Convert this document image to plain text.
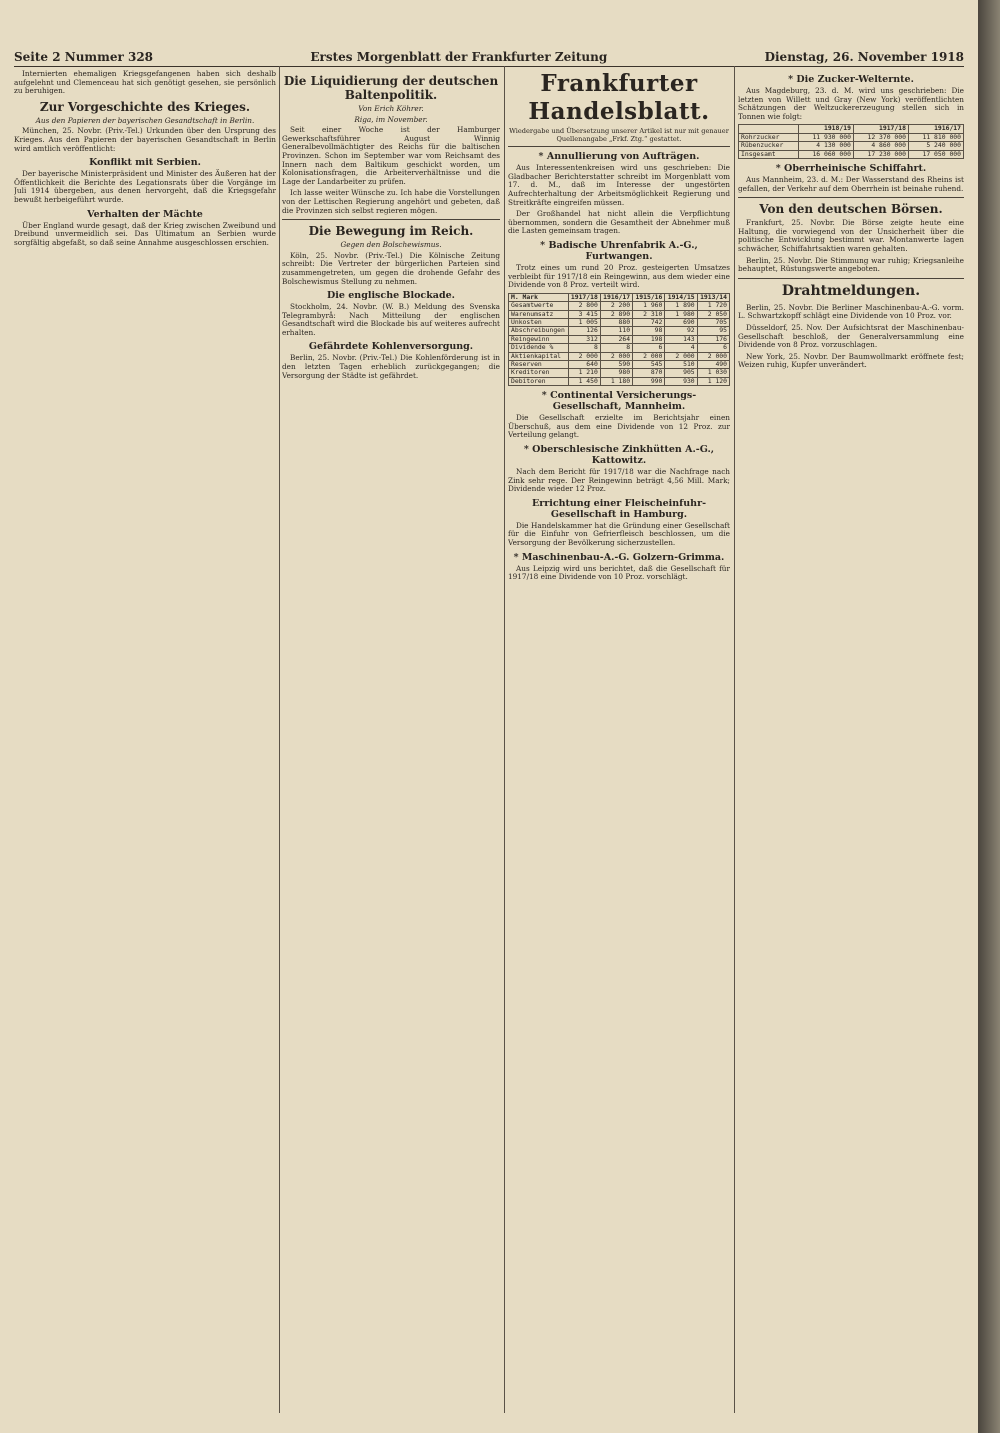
Seite 2 Nummer 328	Erstes Morgenblatt der Frankfurter Zeitung	Dienstag, 26. November 1918

Internierten ehemaligen Kriegsgefangenen haben sich deshalb aufgelehnt und Clemenceau hat sich genötigt gesehen, sie persönlich zu beruhigen.

Zur Vorgeschichte des Krieges.
Aus den Papieren der bayerischen Gesandtschaft in Berlin.

München, 25. Novbr. (Priv.-Tel.) Urkunden über den Ursprung des Krieges. Aus den Papieren der bayerischen Gesandtschaft in Berlin wird amtlich veröffentlicht:

Konflikt mit Serbien.

Der bayerische Ministerpräsident und Minister des Äußeren hat der Öffentlichkeit die Berichte des Legationsrats über die Vorgänge im Juli 1914 übergeben, aus denen hervorgeht, daß die Kriegsgefahr bewußt herbeigeführt wurde.

Verhalten der Mächte

Über England wurde gesagt, daß der Krieg zwischen Zweibund und Dreibund unvermeidlich sei. Das Ultimatum an Serbien wurde sorgfältig abgefaßt, so daß seine Annahme ausgeschlossen erschien.

Die Liquidierung der deutschen Baltenpolitik.
Von Erich Köhrer.
Riga, im November.

Seit einer Woche ist der Hamburger Gewerkschaftsführer August Winnig Generalbevollmächtigter des Reichs für die baltischen Provinzen. Schon im September war vom Reichsamt des Innern nach dem Baltikum geschickt worden, um Kolonisationsfragen, die Arbeiterverhältnisse und die Lage der Landarbeiter zu prüfen.

Ich lasse weiter Wünsche zu. Ich habe die Vorstellungen von der Lettischen Regierung angehört und gebeten, daß die Provinzen sich selbst regieren mögen.

Die Bewegung im Reich.
Gegen den Bolschewismus.

Köln, 25. Novbr. (Priv.-Tel.) Die Kölnische Zeitung schreibt: Die Vertreter der bürgerlichen Parteien sind zusammengetreten, um gegen die drohende Gefahr des Bolschewismus Stellung zu nehmen.

Die englische Blockade.

Stockholm, 24. Novbr. (W. B.) Meldung des Svenska Telegrambyrå: Nach Mitteilung der englischen Gesandtschaft wird die Blockade bis auf weiteres aufrecht erhalten.

Gefährdete Kohlenversorgung.

Berlin, 25. Novbr. (Priv.-Tel.) Die Kohlenförderung ist in den letzten Tagen erheblich zurückgegangen; die Versorgung der Städte ist gefährdet.

Frankfurter Handelsblatt.
Wiedergabe und Übersetzung unserer Artikel ist nur mit genauer Quellenangabe „Frkf. Ztg.“ gestattet.
* Annullierung von Aufträgen.

Aus Interessentenkreisen wird uns geschrieben: Die Gladbacher Berichterstatter schreibt im Morgenblatt vom 17. d. M., daß im Interesse der ungestörten Aufrechterhaltung der Arbeitsmöglichkeit Regierung und Streitkräfte eingreifen müssen.

Der Großhandel hat nicht allein die Verpflichtung übernommen, sondern die Gesamtheit der Abnehmer muß die Lasten gemeinsam tragen.

* Badische Uhrenfabrik A.-G., Furtwangen.

Trotz eines um rund 20 Proz. gesteigerten Umsatzes verbleibt für 1917/18 ein Reingewinn, aus dem wieder eine Dividende von 8 Proz. verteilt wird.

M. Mark	1917/18	1916/17	1915/16	1914/15	1913/14
Gesamtwerte	2 800	2 200	1 960	1 890	1 720
Warenumsatz	3 415	2 890	2 310	1 980	2 050
Unkosten	1 005	880	742	690	705
Abschreibungen	126	110	98	92	95
Reingewinn	312	264	198	143	176
Dividende %	8	8	6	4	6
Aktienkapital	2 000	2 000	2 000	2 000	2 000
Reserven	640	590	545	510	490
Kreditoren	1 210	980	870	905	1 030
Debitoren	1 450	1 180	990	930	1 120
* Continental Versicherungs-Gesellschaft, Mannheim.

Die Gesellschaft erzielte im Berichtsjahr einen Überschuß, aus dem eine Dividende von 12 Proz. zur Verteilung gelangt.

* Oberschlesische Zinkhütten A.-G., Kattowitz.

Nach dem Bericht für 1917/18 war die Nachfrage nach Zink sehr rege. Der Reingewinn beträgt 4,56 Mill. Mark; Dividende wieder 12 Proz.

Errichtung einer Fleischeinfuhr-Gesellschaft in Hamburg.

Die Handelskammer hat die Gründung einer Gesellschaft für die Einfuhr von Gefrierfleisch beschlossen, um die Versorgung der Bevölkerung sicherzustellen.

* Maschinenbau-A.-G. Golzern-Grimma.

Aus Leipzig wird uns berichtet, daß die Gesellschaft für 1917/18 eine Dividende von 10 Proz. vorschlägt.

* Die Zucker-Welternte.

Aus Magdeburg, 23. d. M. wird uns geschrieben: Die letzten von Willett und Gray (New York) veröffentlichten Schätzungen der Weltzuckererzeugung stellen sich in Tonnen wie folgt:

	1918/19	1917/18	1916/17
Rohrzucker	11 930 000	12 370 000	11 810 000
Rübenzucker	4 130 000	4 860 000	5 240 000
Insgesamt	16 060 000	17 230 000	17 050 000
* Oberrheinische Schiffahrt.

Aus Mannheim, 23. d. M.: Der Wasserstand des Rheins ist gefallen, der Verkehr auf dem Oberrhein ist beinahe ruhend.

Von den deutschen Börsen.

Frankfurt, 25. Novbr. Die Börse zeigte heute eine Haltung, die vorwiegend von der Unsicherheit über die politische Entwicklung bestimmt war. Montanwerte lagen schwächer, Schiffahrtsaktien waren gehalten.

Berlin, 25. Novbr. Die Stimmung war ruhig; Kriegsanleihe behauptet, Rüstungswerte angeboten.

Drahtmeldungen.

Berlin, 25. Novbr. Die Berliner Maschinenbau-A.-G. vorm. L. Schwartzkopff schlägt eine Dividende von 10 Proz. vor.

Düsseldorf, 25. Nov. Der Aufsichtsrat der Maschinenbau-Gesellschaft beschloß, der Generalversammlung eine Dividende von 8 Proz. vorzuschlagen.

New York, 25. Novbr. Der Baumwollmarkt eröffnete fest; Weizen ruhig, Kupfer unverändert.
